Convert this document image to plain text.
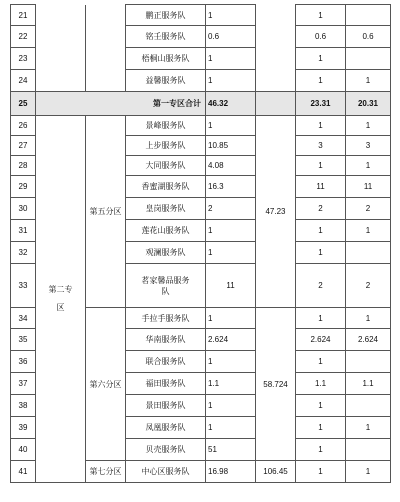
21			鹏正服务队	1		1	
22			铭壬服务队	0.6		0.6	0.6
23			梧桐山服务队	1		1	
24			益馨服务队	1		1	1
25	第一专区合计			46.32		23.31	20.31
26	第二专区	第五分区	景峰服务队	1	47.23	1	1
27			上步服务队	10.85		3	3
28			大同服务队	4.08		1	1
29			香蜜湖服务队	16.3		11	11
30			皇岗服务队	2		2	2
31			莲花山服务队	1		1	1
32			观澜服务队	1		1	
33			茗家馨品服务队	11		2	2
34		第六分区	手拉手服务队	1	58.724	1	1
35			华南服务队	2.624		2.624	2.624
36			联合服务队	1		1	
37			福田服务队	1.1		1.1	1.1
38			景田服务队	1		1	
39			凤凰服务队	1		1	1
40			贝壳服务队	51		1	
41		第七分区	中心区服务队	16.98	106.45	1	1
